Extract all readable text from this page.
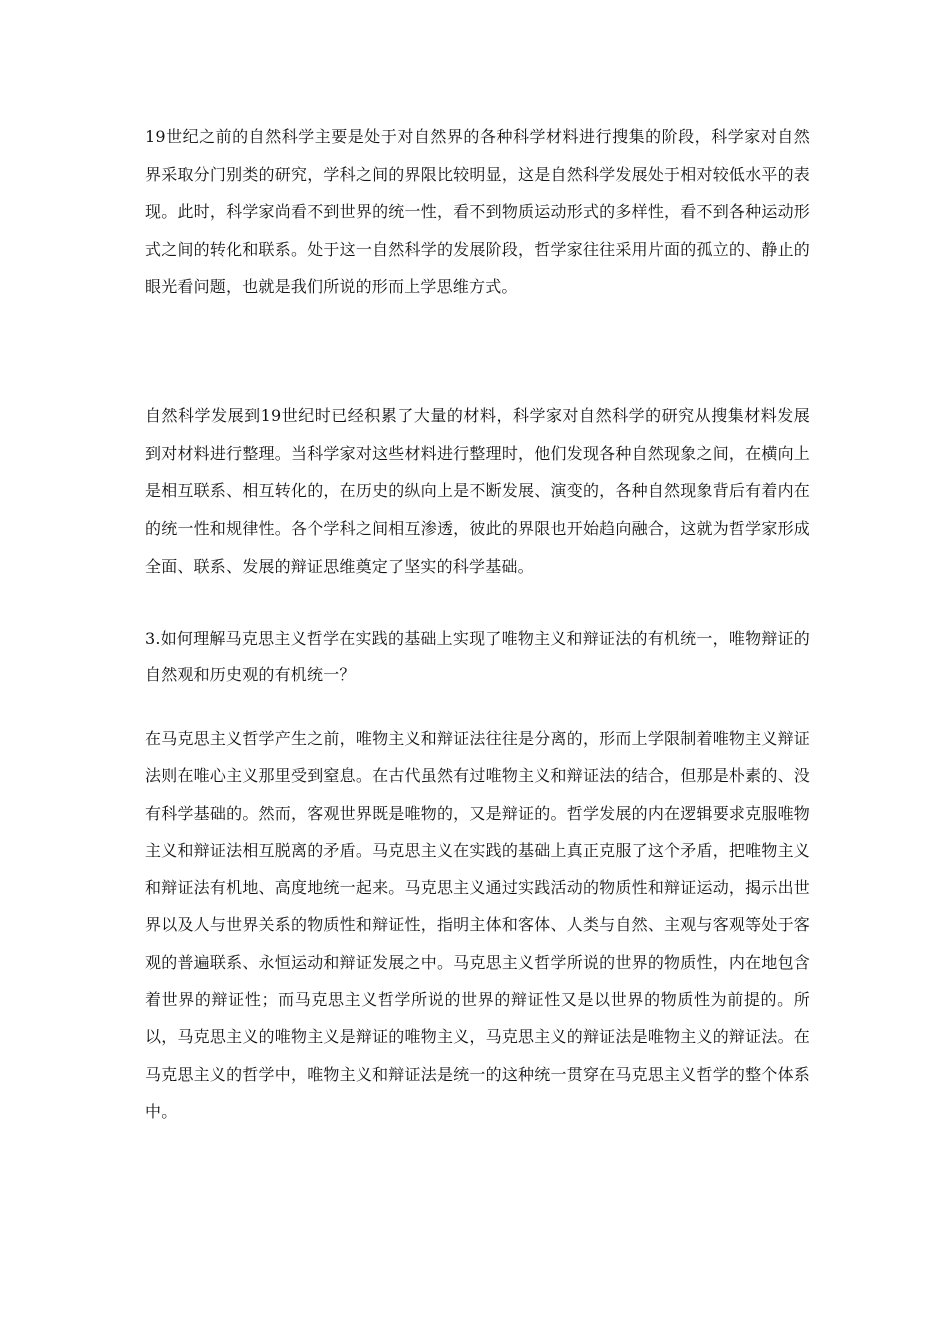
19世纪之前的自然科学主要是处于对自然界的各种科学材料进行搜集的阶段，科学家对自然界采取分门别类的研究，学科之间的界限比较明显，这是自然科学发展处于相对较低水平的表现。此时，科学家尚看不到世界的统一性，看不到物质运动形式的多样性，看不到各种运动形式之间的转化和联系。处于这一自然科学的发展阶段，哲学家往往采用片面的孤立的、静止的眼光看问题，也就是我们所说的形而上学思维方式。

自然科学发展到19世纪时已经积累了大量的材料，科学家对自然科学的研究从搜集材料发展到对材料进行整理。当科学家对这些材料进行整理时，他们发现各种自然现象之间，在横向上是相互联系、相互转化的，在历史的纵向上是不断发展、演变的，各种自然现象背后有着内在的统一性和规律性。各个学科之间相互渗透，彼此的界限也开始趋向融合，这就为哲学家形成全面、联系、发展的辩证思维奠定了坚实的科学基础。

3.如何理解马克思主义哲学在实践的基础上实现了唯物主义和辩证法的有机统一，唯物辩证的自然观和历史观的有机统一？

在马克思主义哲学产生之前，唯物主义和辩证法往往是分离的，形而上学限制着唯物主义辩证法则在唯心主义那里受到窒息。在古代虽然有过唯物主义和辩证法的结合，但那是朴素的、没有科学基础的。然而，客观世界既是唯物的，又是辩证的。哲学发展的内在逻辑要求克服唯物主义和辩证法相互脱离的矛盾。马克思主义在实践的基础上真正克服了这个矛盾，把唯物主义和辩证法有机地、高度地统一起来。马克思主义通过实践活动的物质性和辩证运动，揭示出世界以及人与世界关系的物质性和辩证性，指明主体和客体、人类与自然、主观与客观等处于客观的普遍联系、永恒运动和辩证发展之中。马克思主义哲学所说的世界的物质性，内在地包含着世界的辩证性；而马克思主义哲学所说的世界的辩证性又是以世界的物质性为前提的。所以，马克思主义的唯物主义是辩证的唯物主义，马克思主义的辩证法是唯物主义的辩证法。在马克思主义的哲学中，唯物主义和辩证法是统一的这种统一贯穿在马克思主义哲学的整个体系中。
